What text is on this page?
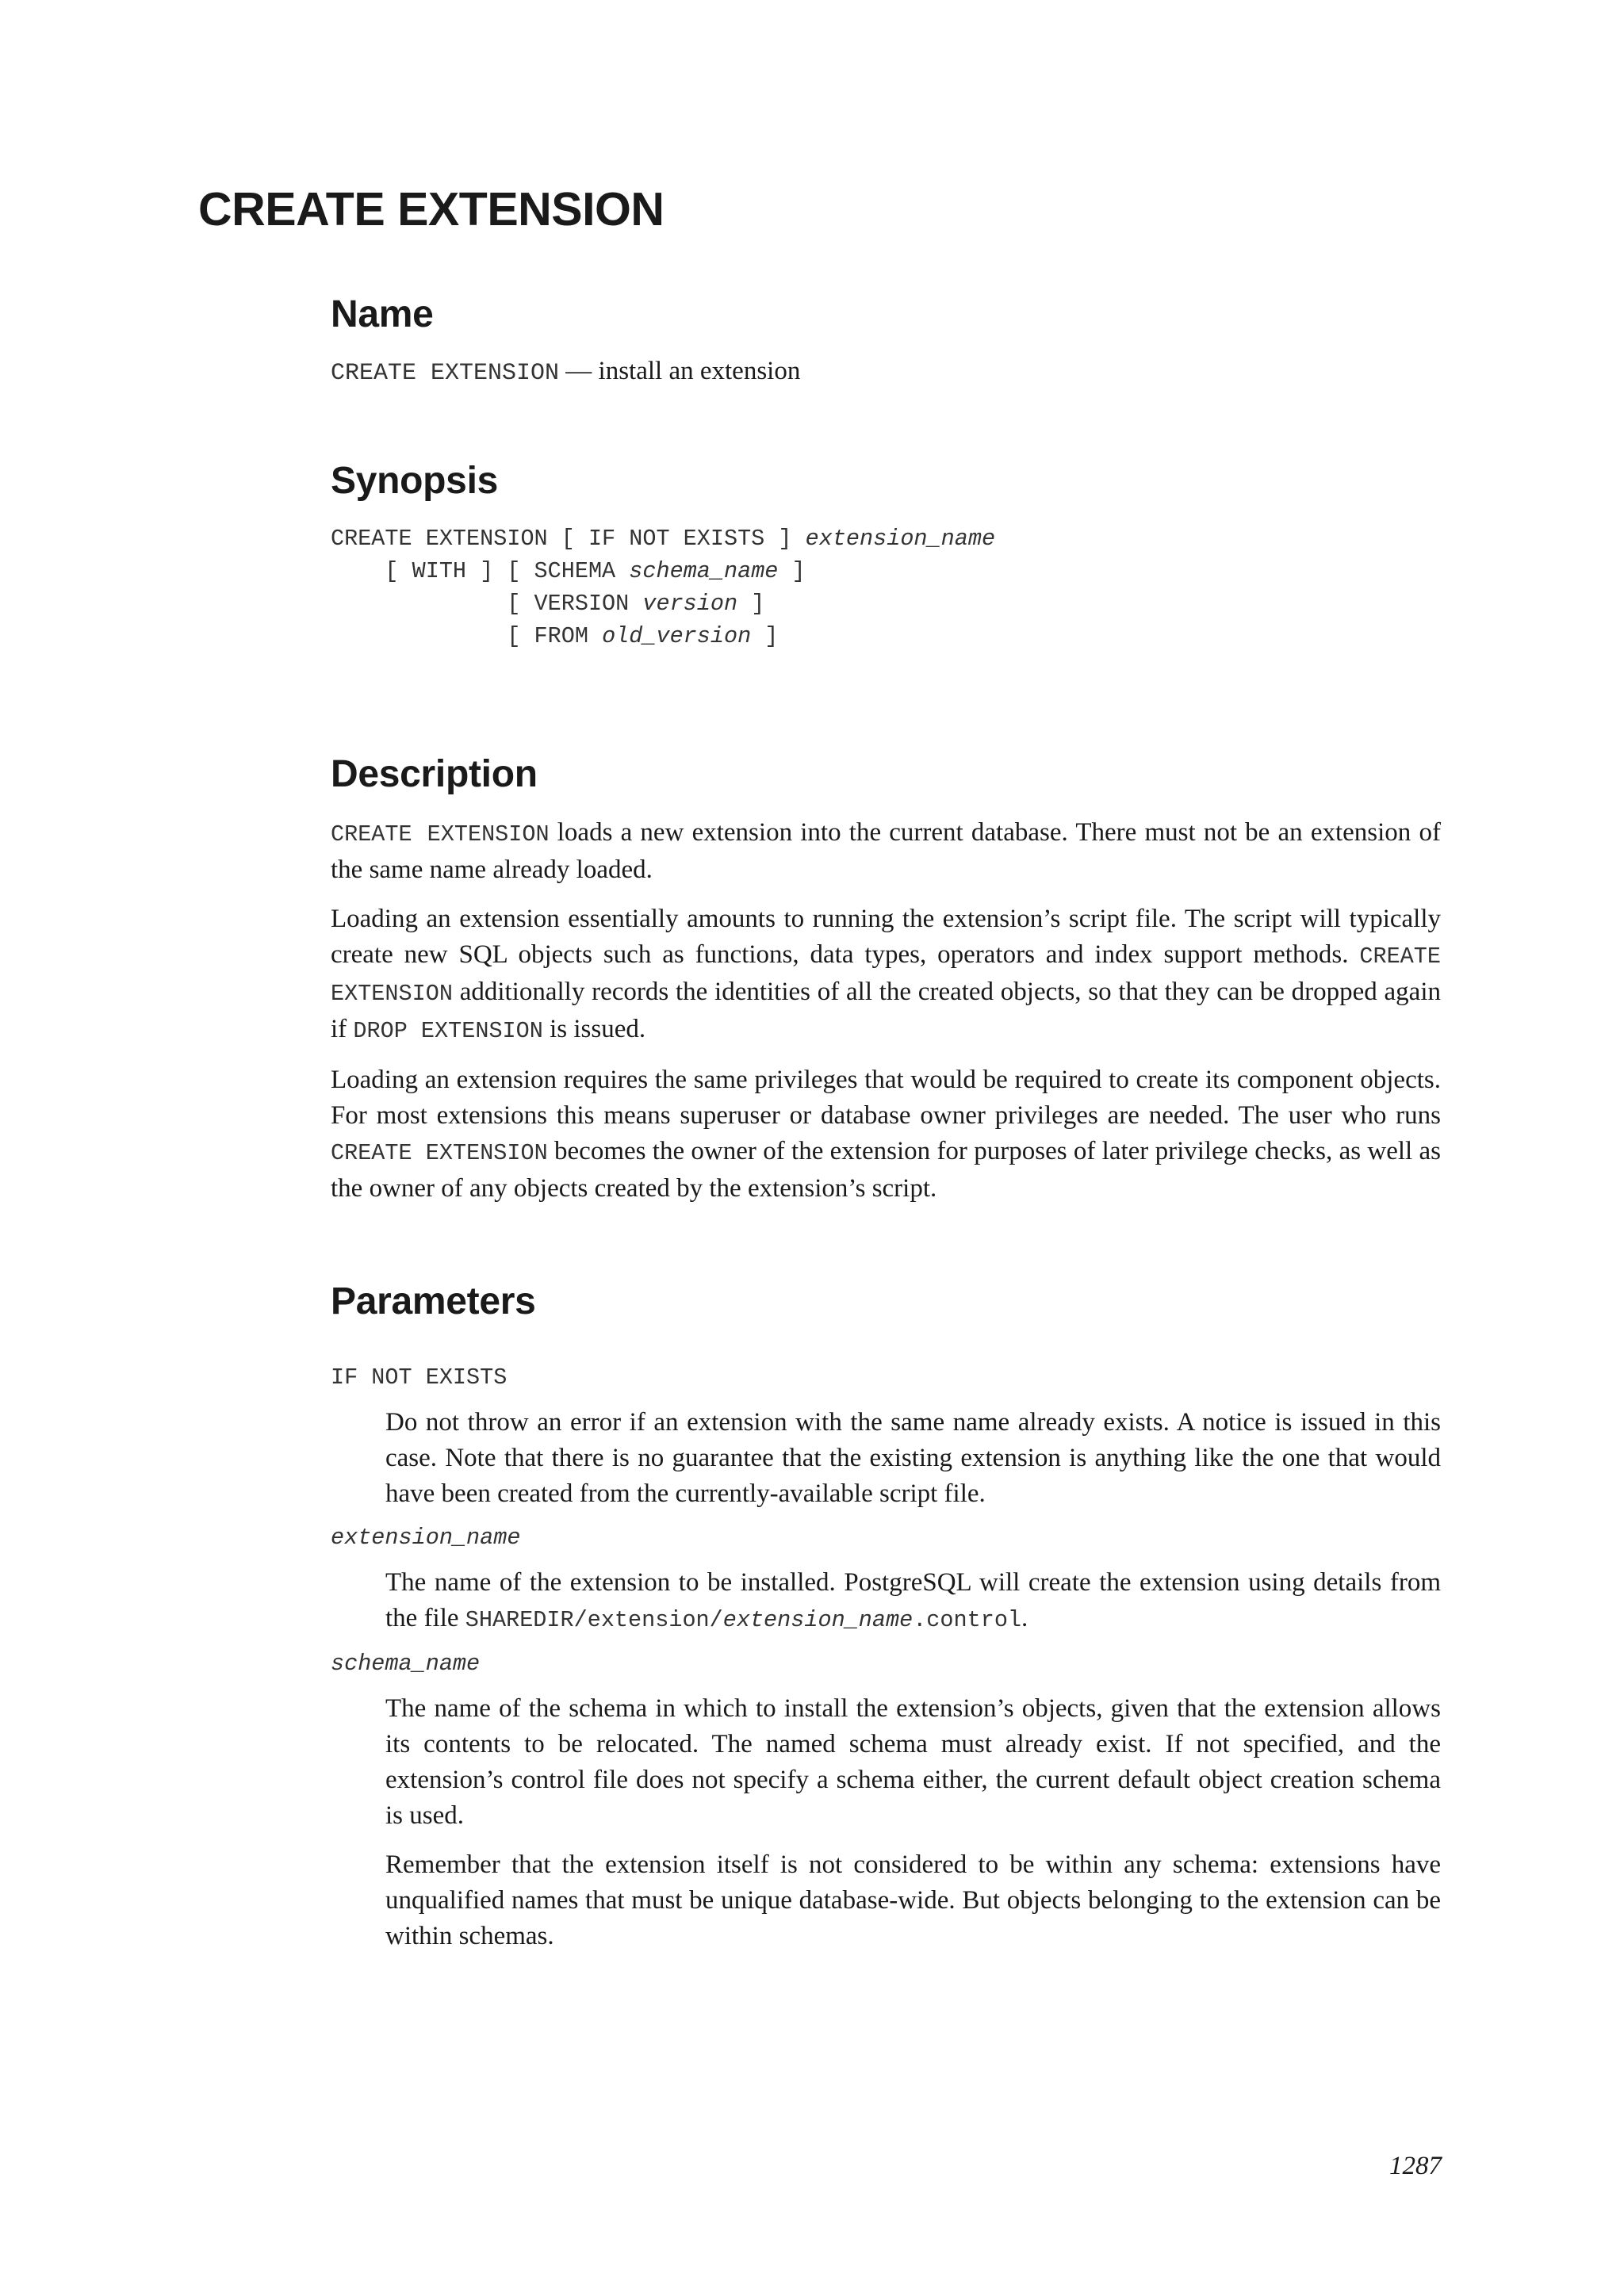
CREATE EXTENSION
Name

CREATE EXTENSION — install an extension

Synopsis
CREATE EXTENSION [ IF NOT EXISTS ] extension_name
[ WITH ] [ SCHEMA schema_name ]
[ VERSION version ]
[ FROM old_version ]
Description

CREATE EXTENSION loads a new extension into the current database. There must not be an extension of the same name already loaded.

Loading an extension essentially amounts to running the extension’s script file. The script will typically create new SQL objects such as functions, data types, operators and index support methods. CREATE EXTENSION additionally records the identities of all the created objects, so that they can be dropped again if DROP EXTENSION is issued.

Loading an extension requires the same privileges that would be required to create its component objects. For most extensions this means superuser or database owner privileges are needed. The user who runs CREATE EXTENSION becomes the owner of the extension for purposes of later privilege checks, as well as the owner of any objects created by the extension’s script.

Parameters
IF NOT EXISTS

Do not throw an error if an extension with the same name already exists. A notice is issued in this case. Note that there is no guarantee that the existing extension is anything like the one that would have been created from the currently-available script file.

extension_name

The name of the extension to be installed. PostgreSQL will create the extension using details from the file SHAREDIR/extension/extension_name.control.

schema_name

The name of the schema in which to install the extension’s objects, given that the extension allows its contents to be relocated. The named schema must already exist. If not specified, and the extension’s control file does not specify a schema either, the current default object creation schema is used.

Remember that the extension itself is not considered to be within any schema: extensions have unqualified names that must be unique database-wide. But objects belonging to the extension can be within schemas.

1287
